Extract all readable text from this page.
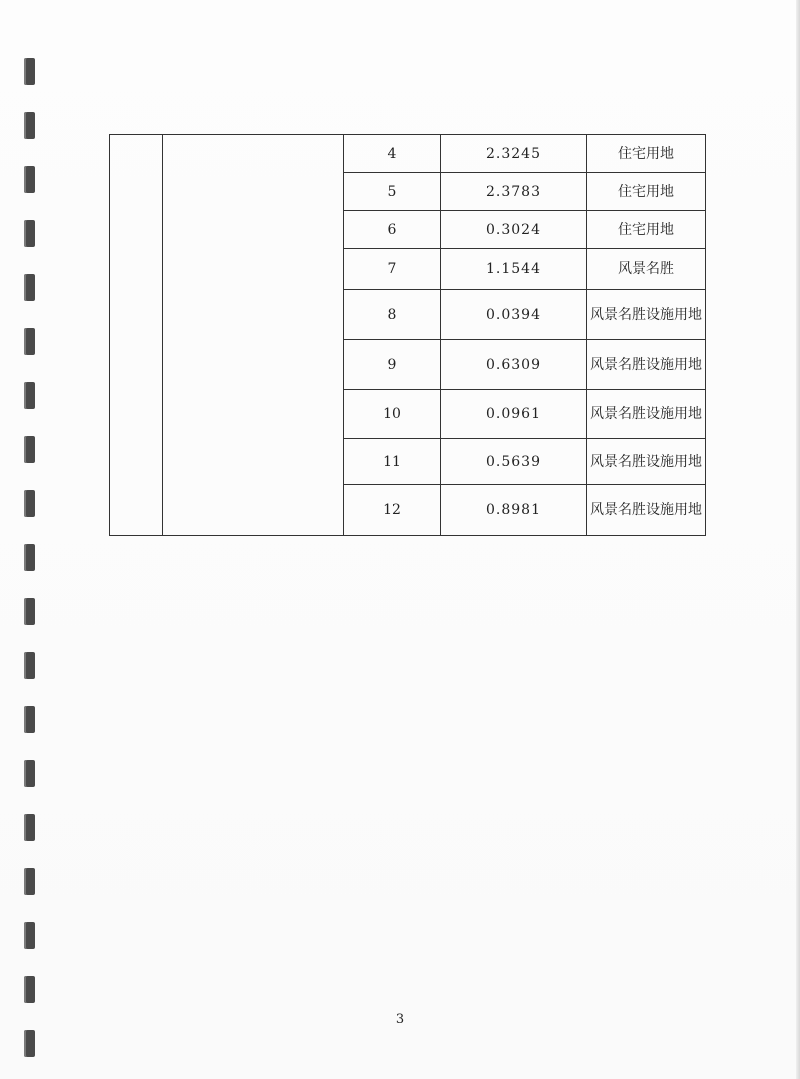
		4	2.3245	住宅用地
		5	2.3783	住宅用地
		6	0.3024	住宅用地
		7	1.1544	风景名胜
		8	0.0394	风景名胜设施用地
		9	0.6309	风景名胜设施用地
		10	0.0961	风景名胜设施用地
		11	0.5639	风景名胜设施用地
		12	0.8981	风景名胜设施用地
3
